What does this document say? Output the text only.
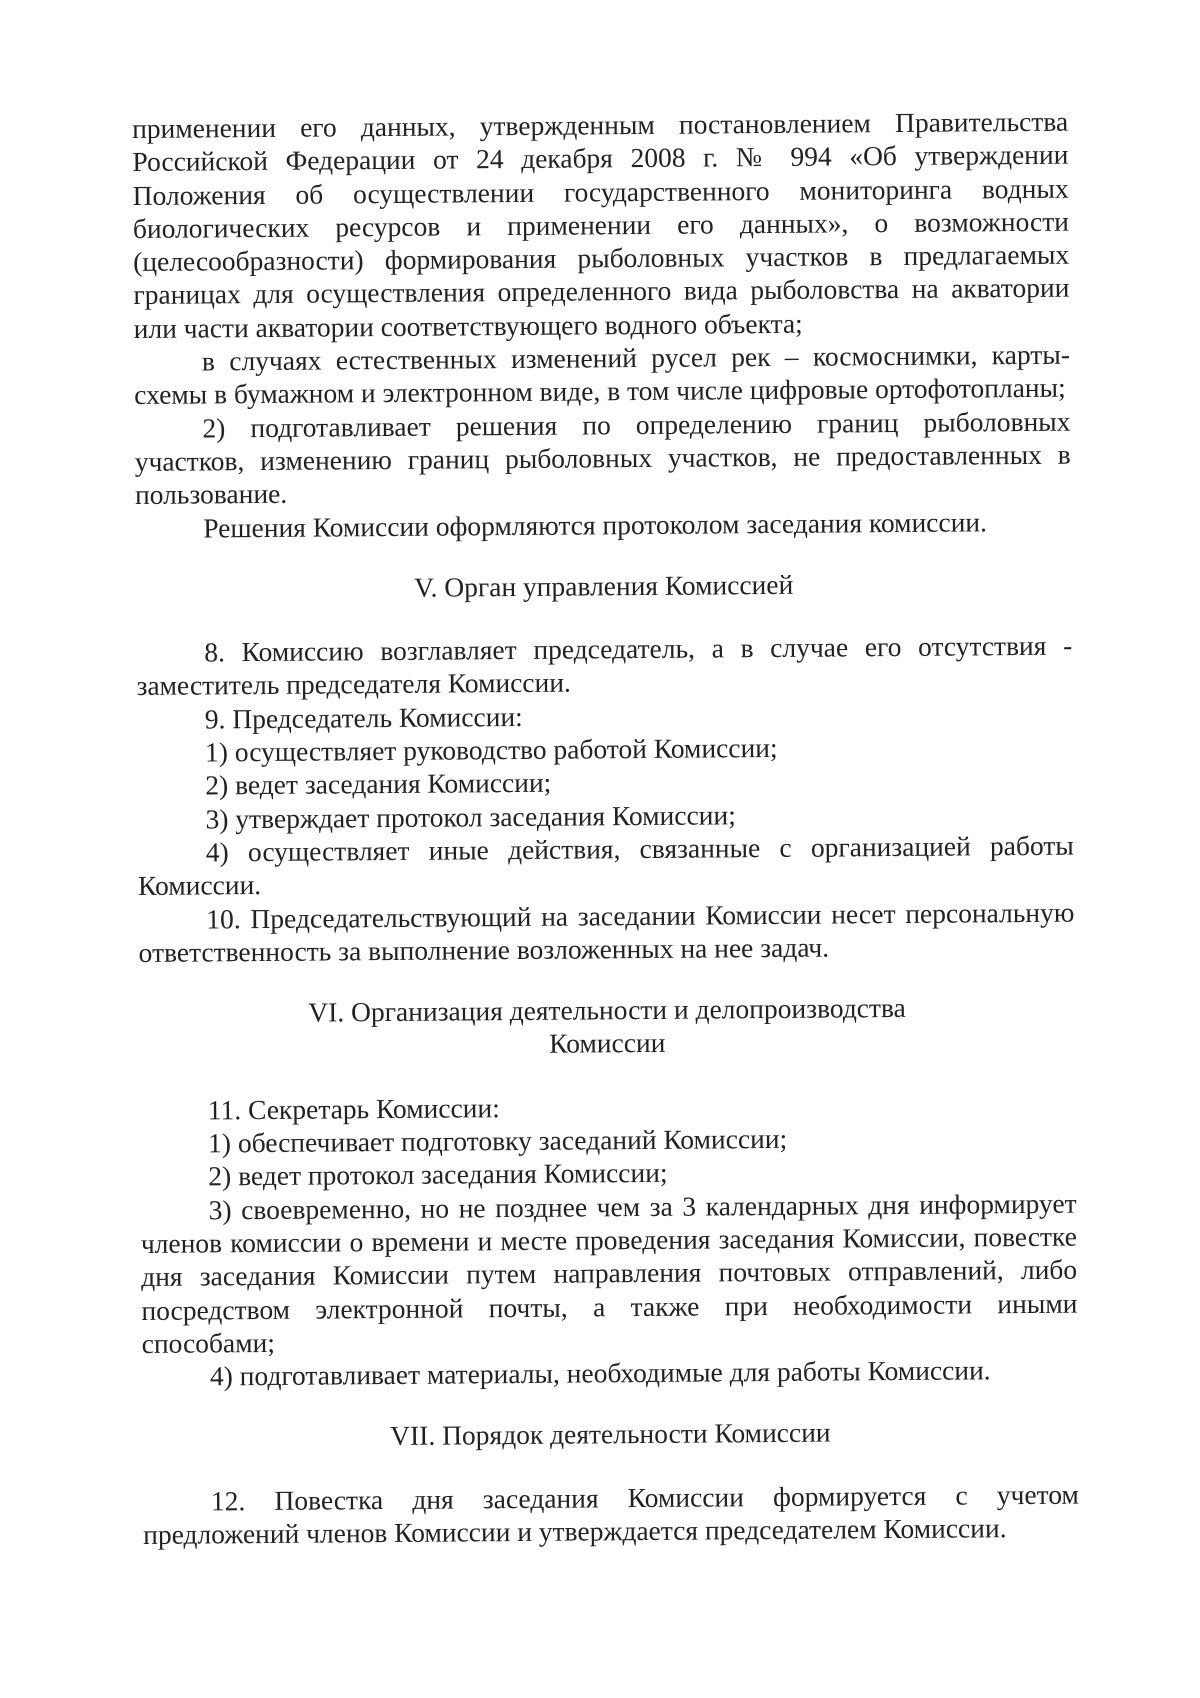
применении его данных, утвержденным постановлением Правительства Российской Федерации от 24 декабря 2008 г. № 994 «Об утверждении Положения об осуществлении государственного мониторинга водных биологических ресурсов и применении его данных», о возможности (целесообразности) формирования рыболовных участков в предлагаемых границах для осуществления определенного вида рыболовства на акватории или части акватории соответствующего водного объекта;

в случаях естественных изменений русел рек – космоснимки, карты-схемы в бумажном и электронном виде, в том числе цифровые ортофотопланы;

2) подготавливает решения по определению границ рыболовных участков, изменению границ рыболовных участков, не предоставленных в пользование.

Решения Комиссии оформляются протоколом заседания комиссии.

V. Орган управления Комиссией

8. Комиссию возглавляет председатель, а в случае его отсутствия - заместитель председателя Комиссии.

9. Председатель Комиссии:

1) осуществляет руководство работой Комиссии;

2) ведет заседания Комиссии;

3) утверждает протокол заседания Комиссии;

4) осуществляет иные действия, связанные с организацией работы Комиссии.

10. Председательствующий на заседании Комиссии несет персональную ответственность за выполнение возложенных на нее задач.

VI. Организация деятельности и делопроизводства

Комиссии

11. Секретарь Комиссии:

1) обеспечивает подготовку заседаний Комиссии;

2) ведет протокол заседания Комиссии;

3) своевременно, но не позднее чем за 3 календарных дня информирует членов комиссии о времени и месте проведения заседания Комиссии, повестке дня заседания Комиссии путем направления почтовых отправлений, либо посредством электронной почты, а также при необходимости иными способами;

4) подготавливает материалы, необходимые для работы Комиссии.

VII. Порядок деятельности Комиссии

12. Повестка дня заседания Комиссии формируется с учетом предложений членов Комиссии и утверждается председателем Комиссии.
